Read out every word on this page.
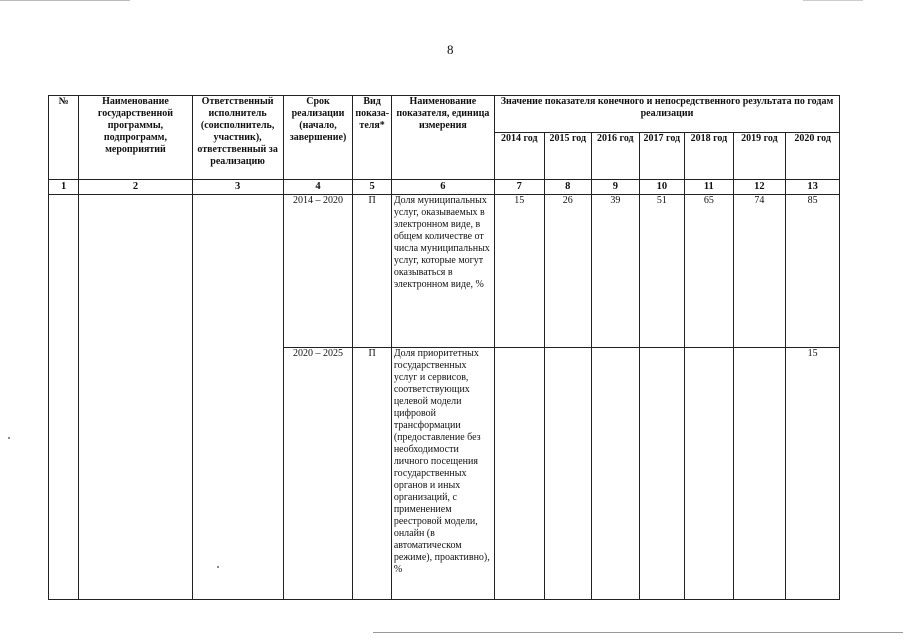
8
№	Наименование государственной программы, подпрограмм, мероприятий	Ответственный исполнитель (соисполнитель, участник), ответственный за реализацию	Срок реализации (начало, завершение)	Вид показа-теля*	Наименование показателя, единица измерения	Значение показателя конечного и непосредственного результата по годам реализации						
						2014 год	2015 год	2016 год	2017 год	2018 год	2019 год	2020 год
1	2	3	4	5	6	7	8	9	10	11	12	13
			2014 – 2020	П	Доля муниципальных услуг, оказываемых в электронном виде, в общем количестве от числа муниципальных услуг, которые могут оказываться в электронном виде, %	15	26	39	51	65	74	85
			2020 – 2025	П	Доля приоритетных государственных услуг и сервисов, соответствующих целевой модели цифровой трансформации (предоставление без необходимости личного посещения государственных органов и иных организаций, с применением реестровой модели, онлайн (в автоматическом режиме), проактивно), %							15
